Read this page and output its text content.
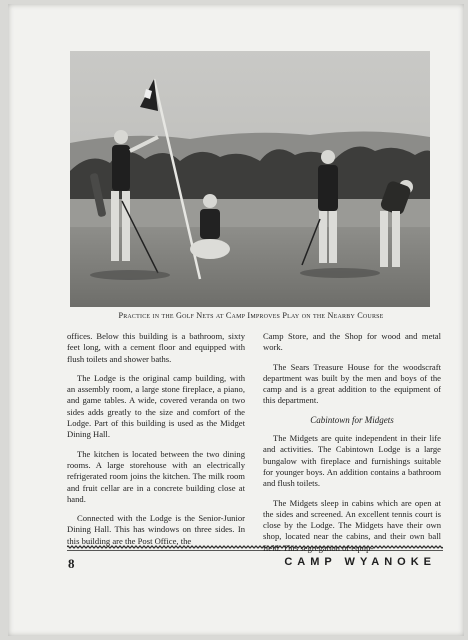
Practice in the Golf Nets at Camp Improves Play on the Nearby Course

offices. Below this building is a bathroom, sixty feet long, with a cement floor and equipped with flush toilets and shower baths.

The Lodge is the original camp building, with an assembly room, a large stone fireplace, a piano, and game tables. A wide, covered veranda on two sides adds greatly to the size and comfort of the Lodge. Part of this building is used as the Midget Dining Hall.

The kitchen is located between the two dining rooms. A large storehouse with an electrically refrigerated room joins the kitchen. The milk room and fruit cellar are in a concrete building close at hand.

Connected with the Lodge is the Senior-Junior Dining Hall. This has windows on three sides. In this building are the Post Office, the

Camp Store, and the Shop for wood and metal work.

The Sears Treasure House for the woodscraft department was built by the men and boys of the camp and is a great addition to the equipment of this department.

Cabintown for Midgets

The Midgets are quite independent in their life and activities. The Cabintown Lodge is a large bungalow with fireplace and furnishings suitable for younger boys. An addition contains a bathroom and flush toilets.

The Midgets sleep in cabins which are open at the sides and screened. An excellent tennis court is close by the Lodge. The Midgets have their own shop, located near the cabins, and their own ball field. This segregation of equip-

8	CAMP WYANOKE
